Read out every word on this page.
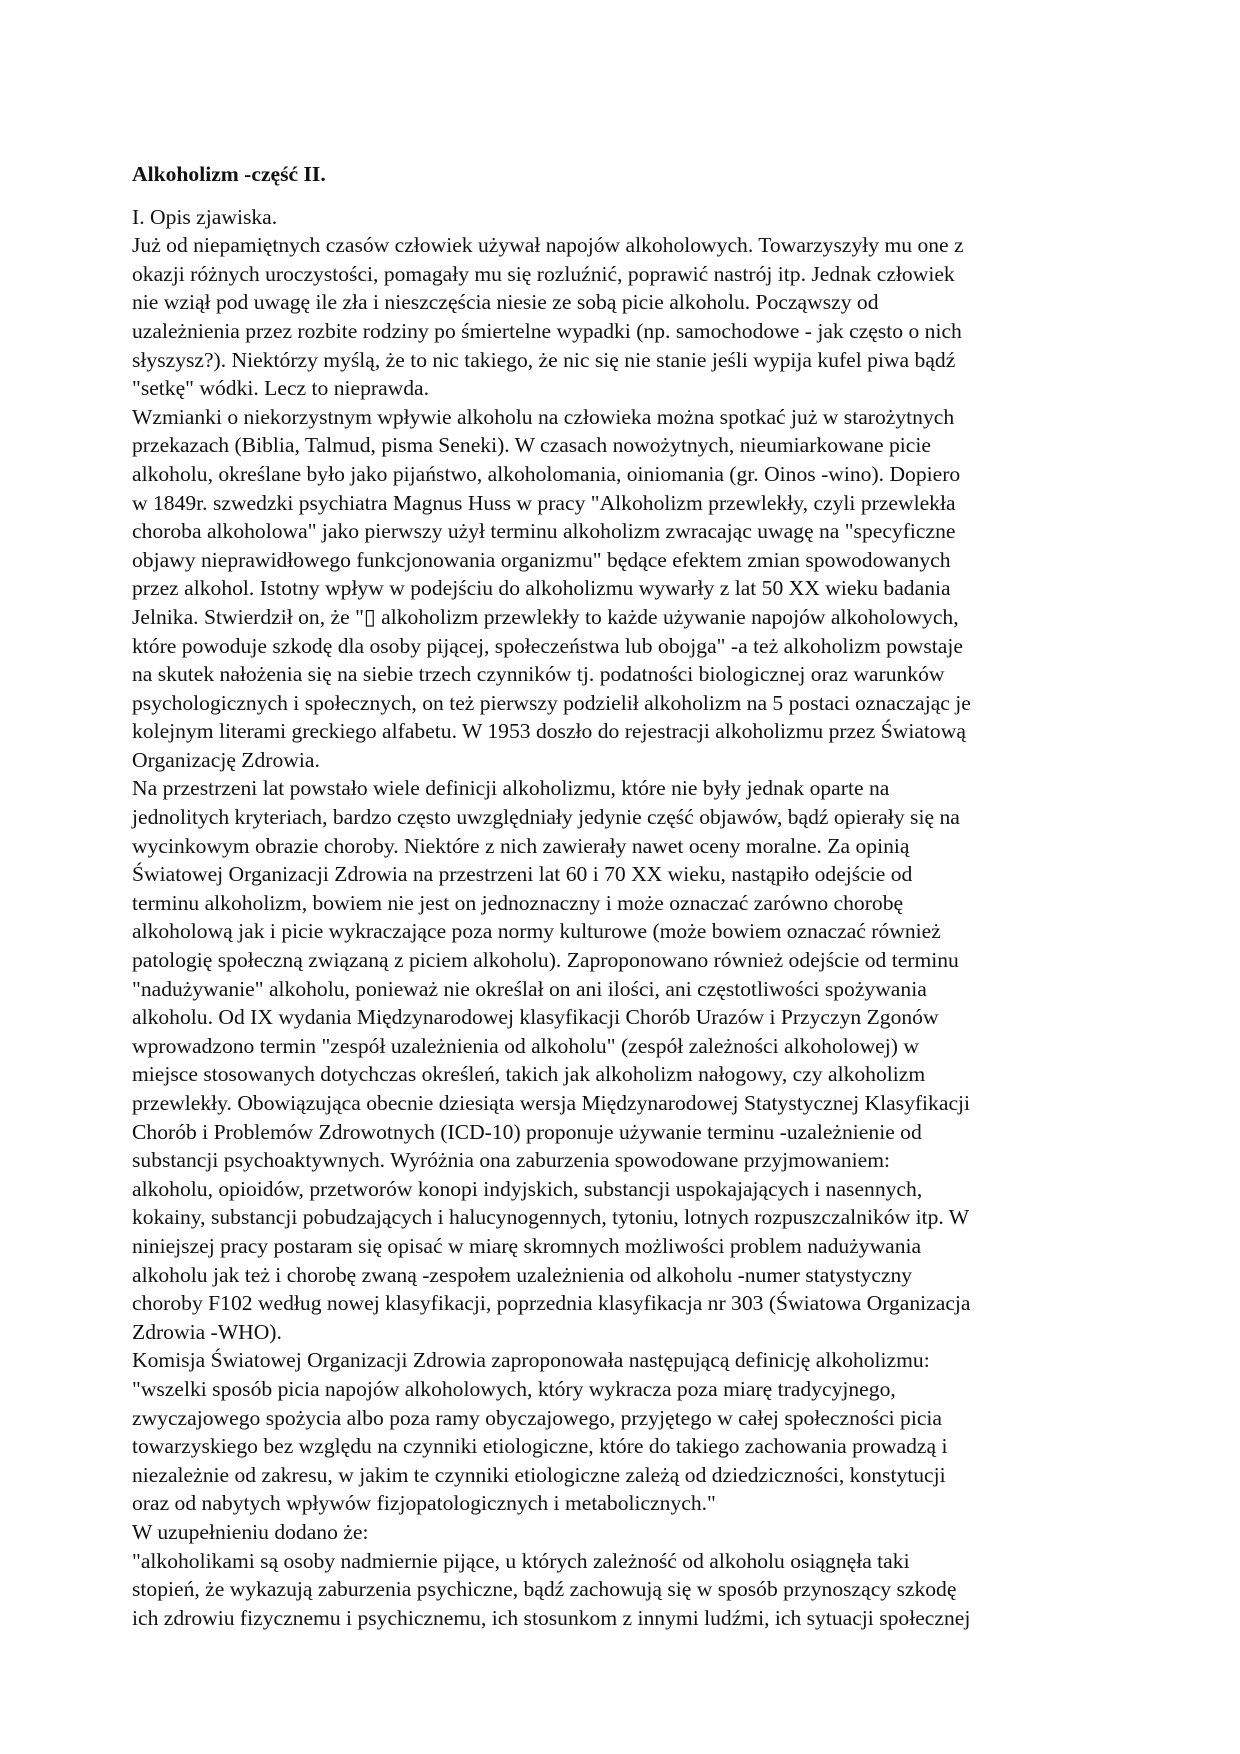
Alkoholizm -część II.
I. Opis zjawiska.
Już od niepamiętnych czasów człowiek używał napojów alkoholowych. Towarzyszyły mu one z
okazji różnych uroczystości, pomagały mu się rozluźnić, poprawić nastrój itp. Jednak człowiek
nie wziął pod uwagę ile zła i nieszczęścia niesie ze sobą picie alkoholu. Począwszy od
uzależnienia przez rozbite rodziny po śmiertelne wypadki (np. samochodowe - jak często o nich
słyszysz?). Niektórzy myślą, że to nic takiego, że nic się nie stanie jeśli wypija kufel piwa bądź
"setkę" wódki. Lecz to nieprawda.
Wzmianki o niekorzystnym wpływie alkoholu na człowieka można spotkać już w starożytnych
przekazach (Biblia, Talmud, pisma Seneki). W czasach nowożytnych, nieumiarkowane picie
alkoholu, określane było jako pijaństwo, alkoholomania, oiniomania (gr. Oinos -wino). Dopiero
w 1849r. szwedzki psychiatra Magnus Huss w pracy "Alkoholizm przewlekły, czyli przewlekła
choroba alkoholowa" jako pierwszy użył terminu alkoholizm zwracając uwagę na "specyficzne
objawy nieprawidłowego funkcjonowania organizmu" będące efektem zmian spowodowanych
przez alkohol. Istotny wpływ w podejściu do alkoholizmu wywarły z lat 50 XX wieku badania
Jelnika. Stwierdził on, że "▯ alkoholizm przewlekły to każde używanie napojów alkoholowych,
które powoduje szkodę dla osoby pijącej, społeczeństwa lub obojga" -a też alkoholizm powstaje
na skutek nałożenia się na siebie trzech czynników tj. podatności biologicznej oraz warunków
psychologicznych i społecznych, on też pierwszy podzielił alkoholizm na 5 postaci oznaczając je
kolejnym literami greckiego alfabetu. W 1953 doszło do rejestracji alkoholizmu przez Światową
Organizację Zdrowia.
Na przestrzeni lat powstało wiele definicji alkoholizmu, które nie były jednak oparte na
jednolitych kryteriach, bardzo często uwzględniały jedynie część objawów, bądź opierały się na
wycinkowym obrazie choroby. Niektóre z nich zawierały nawet oceny moralne. Za opinią
Światowej Organizacji Zdrowia na przestrzeni lat 60 i 70 XX wieku, nastąpiło odejście od
terminu alkoholizm, bowiem nie jest on jednoznaczny i może oznaczać zarówno chorobę
alkoholową jak i picie wykraczające poza normy kulturowe (może bowiem oznaczać również
patologię społeczną związaną z piciem alkoholu). Zaproponowano również odejście od terminu
"nadużywanie" alkoholu, ponieważ nie określał on ani ilości, ani częstotliwości spożywania
alkoholu. Od IX wydania Międzynarodowej klasyfikacji Chorób Urazów i Przyczyn Zgonów
wprowadzono termin "zespół uzależnienia od alkoholu" (zespół zależności alkoholowej) w
miejsce stosowanych dotychczas określeń, takich jak alkoholizm nałogowy, czy alkoholizm
przewlekły. Obowiązująca obecnie dziesiąta wersja Międzynarodowej Statystycznej Klasyfikacji
Chorób i Problemów Zdrowotnych (ICD-10) proponuje używanie terminu -uzależnienie od
substancji psychoaktywnych. Wyróżnia ona zaburzenia spowodowane przyjmowaniem:
alkoholu, opioidów, przetworów konopi indyjskich, substancji uspokajających i nasennych,
kokainy, substancji pobudzających i halucynogennych, tytoniu, lotnych rozpuszczalników itp. W
niniejszej pracy postaram się opisać w miarę skromnych możliwości problem nadużywania
alkoholu jak też i chorobę zwaną -zespołem uzależnienia od alkoholu -numer statystyczny
choroby F102 według nowej klasyfikacji, poprzednia klasyfikacja nr 303 (Światowa Organizacja
Zdrowia -WHO).
Komisja Światowej Organizacji Zdrowia zaproponowała następującą definicję alkoholizmu:
"wszelki sposób picia napojów alkoholowych, który wykracza poza miarę tradycyjnego,
zwyczajowego spożycia albo poza ramy obyczajowego, przyjętego w całej społeczności picia
towarzyskiego bez względu na czynniki etiologiczne, które do takiego zachowania prowadzą i
niezależnie od zakresu, w jakim te czynniki etiologiczne zależą od dziedziczności, konstytucji
oraz od nabytych wpływów fizjopatologicznych i metabolicznych."
W uzupełnieniu dodano że:
"alkoholikami są osoby nadmiernie pijące, u których zależność od alkoholu osiągnęła taki
stopień, że wykazują zaburzenia psychiczne, bądź zachowują się w sposób przynoszący szkodę
ich zdrowiu fizycznemu i psychicznemu, ich stosunkom z innymi ludźmi, ich sytuacji społecznej
